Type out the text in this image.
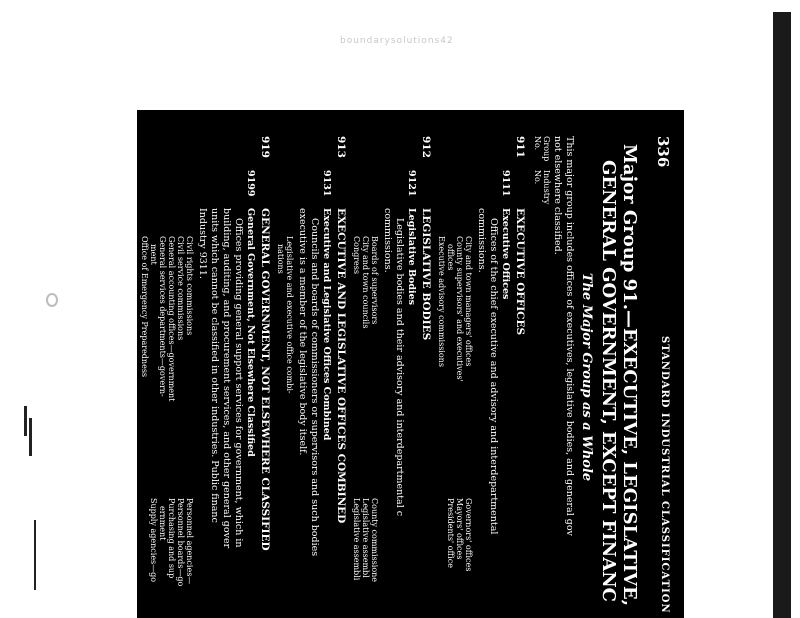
boundarysolutions42
336
STANDARD INDUSTRIAL CLASSIFICATION
Major Group 91.—EXECUTIVE, LEGISLATIVE,
GENERAL GOVERNMENT, EXCEPT FINANC
The Major Group as a Whole

This major group includes offices of executives, legislative bodies, and general gov

not elsewhere classified.

Group No.
Industry No.
911
EXECUTIVE OFFICES
9111
Executive Offices
Offices of the chief executive and advisory and interdepartmental
commissions.
City and town managers' offices
County supervisors' and executives'
offices
Executive advisory commissions
Governors' offices
Mayors' offices
Presidents' office
912
LEGISLATIVE BODIES
9121
Legislative Bodies
Legislative bodies and their advisory and interdepartmental c
commissions.
Boards of supervisors
City and town councils
Congress
County commissione
Legislative assembl
Legislative assembli
913
EXECUTIVE AND LEGISLATIVE OFFICES COMBINED
9131
Executive and Legislative Offices Combined
Councils and boards of commissioners or supervisors and such bodies
executive is a member of the legislative body itself.
Legislative and executive office combi-
nations
919
GENERAL GOVERNMENT, NOT ELSEWHERE CLASSIFIED
9199
General Government, Not Elsewhere Classified
Offices providing general support services for government, which in
building, auditing, and procurement services, and other general gover
units which cannot be classified in other industries. Public financ
Industry 9311.
Civil rights commissions
Civil service commissions
General accounting offices—government
General services departments—govern-
ment
Office of Emergency Preparedness
Personnel agencies—
Personnel boards—go
Purchasing and sup
ernment
Supply agencies—go
